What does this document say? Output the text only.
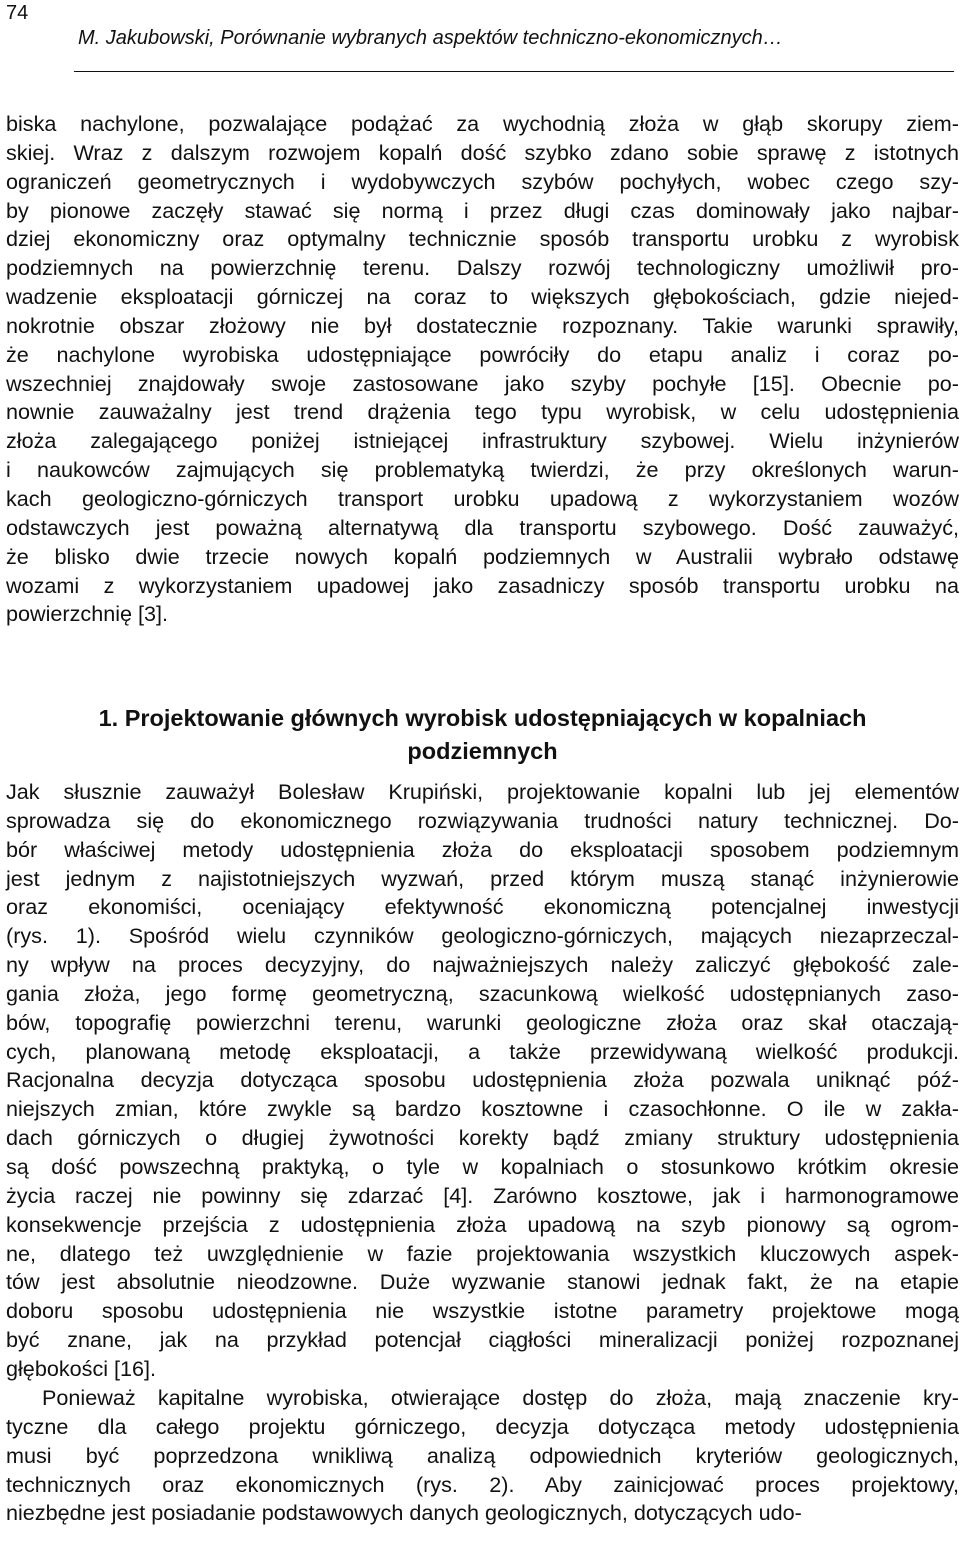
74
M. Jakubowski, Porównanie wybranych aspektów techniczno-ekonomicznych…
biska nachylone, pozwalające podążać za wychodnią złoża w głąb skorupy ziem-
skiej. Wraz z dalszym rozwojem kopalń dość szybko zdano sobie sprawę z istotnych
ograniczeń geometrycznych i wydobywczych szybów pochyłych, wobec czego szy-
by pionowe zaczęły stawać się normą i przez długi czas dominowały jako najbar-
dziej ekonomiczny oraz optymalny technicznie sposób transportu urobku z wyrobisk
podziemnych na powierzchnię terenu. Dalszy rozwój technologiczny umożliwił pro-
wadzenie eksploatacji górniczej na coraz to większych głębokościach, gdzie niejed-
nokrotnie obszar złożowy nie był dostatecznie rozpoznany. Takie warunki sprawiły,
że nachylone wyrobiska udostępniające powróciły do etapu analiz i coraz po-
wszechniej znajdowały swoje zastosowane jako szyby pochyłe [15]. Obecnie po-
nownie zauważalny jest trend drążenia tego typu wyrobisk, w celu udostępnienia
złoża zalegającego poniżej istniejącej infrastruktury szybowej. Wielu inżynierów
i naukowców zajmujących się problematyką twierdzi, że przy określonych warun-
kach geologiczno-górniczych transport urobku upadową z wykorzystaniem wozów
odstawczych jest poważną alternatywą dla transportu szybowego. Dość zauważyć,
że blisko dwie trzecie nowych kopalń podziemnych w Australii wybrało odstawę
wozami z wykorzystaniem upadowej jako zasadniczy sposób transportu urobku na
powierzchnię [3].
1. Projektowanie głównych wyrobisk udostępniających w kopalniach
podziemnych
Jak słusznie zauważył Bolesław Krupiński, projektowanie kopalni lub jej elementów
sprowadza się do ekonomicznego rozwiązywania trudności natury technicznej. Do-
bór właściwej metody udostępnienia złoża do eksploatacji sposobem podziemnym
jest jednym z najistotniejszych wyzwań, przed którym muszą stanąć inżynierowie
oraz ekonomiści, oceniający efektywność ekonomiczną potencjalnej inwestycji
(rys. 1). Spośród wielu czynników geologiczno-górniczych, mających niezaprzeczal-
ny wpływ na proces decyzyjny, do najważniejszych należy zaliczyć głębokość zale-
gania złoża, jego formę geometryczną, szacunkową wielkość udostępnianych zaso-
bów, topografię powierzchni terenu, warunki geologiczne złoża oraz skał otaczają-
cych, planowaną metodę eksploatacji, a także przewidywaną wielkość produkcji.
Racjonalna decyzja dotycząca sposobu udostępnienia złoża pozwala uniknąć póź-
niejszych zmian, które zwykle są bardzo kosztowne i czasochłonne. O ile w zakła-
dach górniczych o długiej żywotności korekty bądź zmiany struktury udostępnienia
są dość powszechną praktyką, o tyle w kopalniach o stosunkowo krótkim okresie
życia raczej nie powinny się zdarzać [4]. Zarówno kosztowe, jak i harmonogramowe
konsekwencje przejścia z udostępnienia złoża upadową na szyb pionowy są ogrom-
ne, dlatego też uwzględnienie w fazie projektowania wszystkich kluczowych aspek-
tów jest absolutnie nieodzowne. Duże wyzwanie stanowi jednak fakt, że na etapie
doboru sposobu udostępnienia nie wszystkie istotne parametry projektowe mogą
być znane, jak na przykład potencjał ciągłości mineralizacji poniżej rozpoznanej
głębokości [16].
Ponieważ kapitalne wyrobiska, otwierające dostęp do złoża, mają znaczenie kry-
tyczne dla całego projektu górniczego, decyzja dotycząca metody udostępnienia
musi być poprzedzona wnikliwą analizą odpowiednich kryteriów geologicznych,
technicznych oraz ekonomicznych (rys. 2). Aby zainicjować proces projektowy,
niezbędne jest posiadanie podstawowych danych geologicznych, dotyczących udo-
